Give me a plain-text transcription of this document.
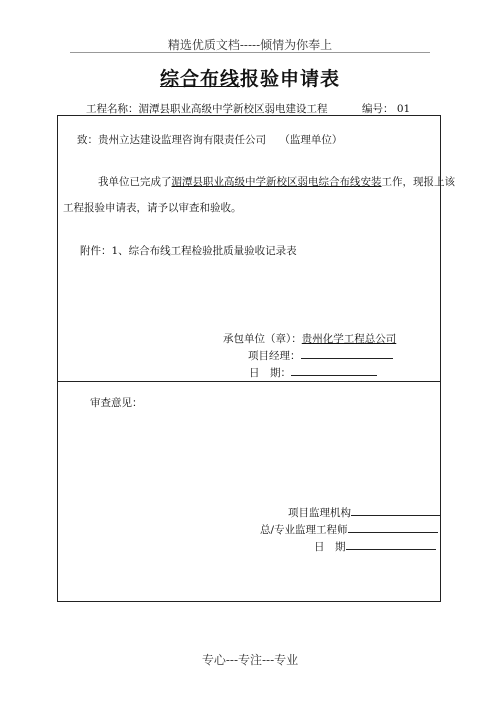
精选优质文档-----倾情为你奉上
综合布线报验申请表
工程名称：湄潭县职业高级中学新校区弱电建设工程	编号： 01
致：贵州立达建设监理咨询有限责任公司 （监理单位）
我单位已完成了湄潭县职业高级中学新校区弱电综合布线安装工作，现报上该
工程报验申请表，请予以审查和验收。
附件：1、综合布线工程检验批质量验收记录表
承包单位（章）：贵州化学工程总公司
项目经理：
日　期：
审查意见：
项目监理机构
总/专业监理工程师
日　期
专心---专注---专业
